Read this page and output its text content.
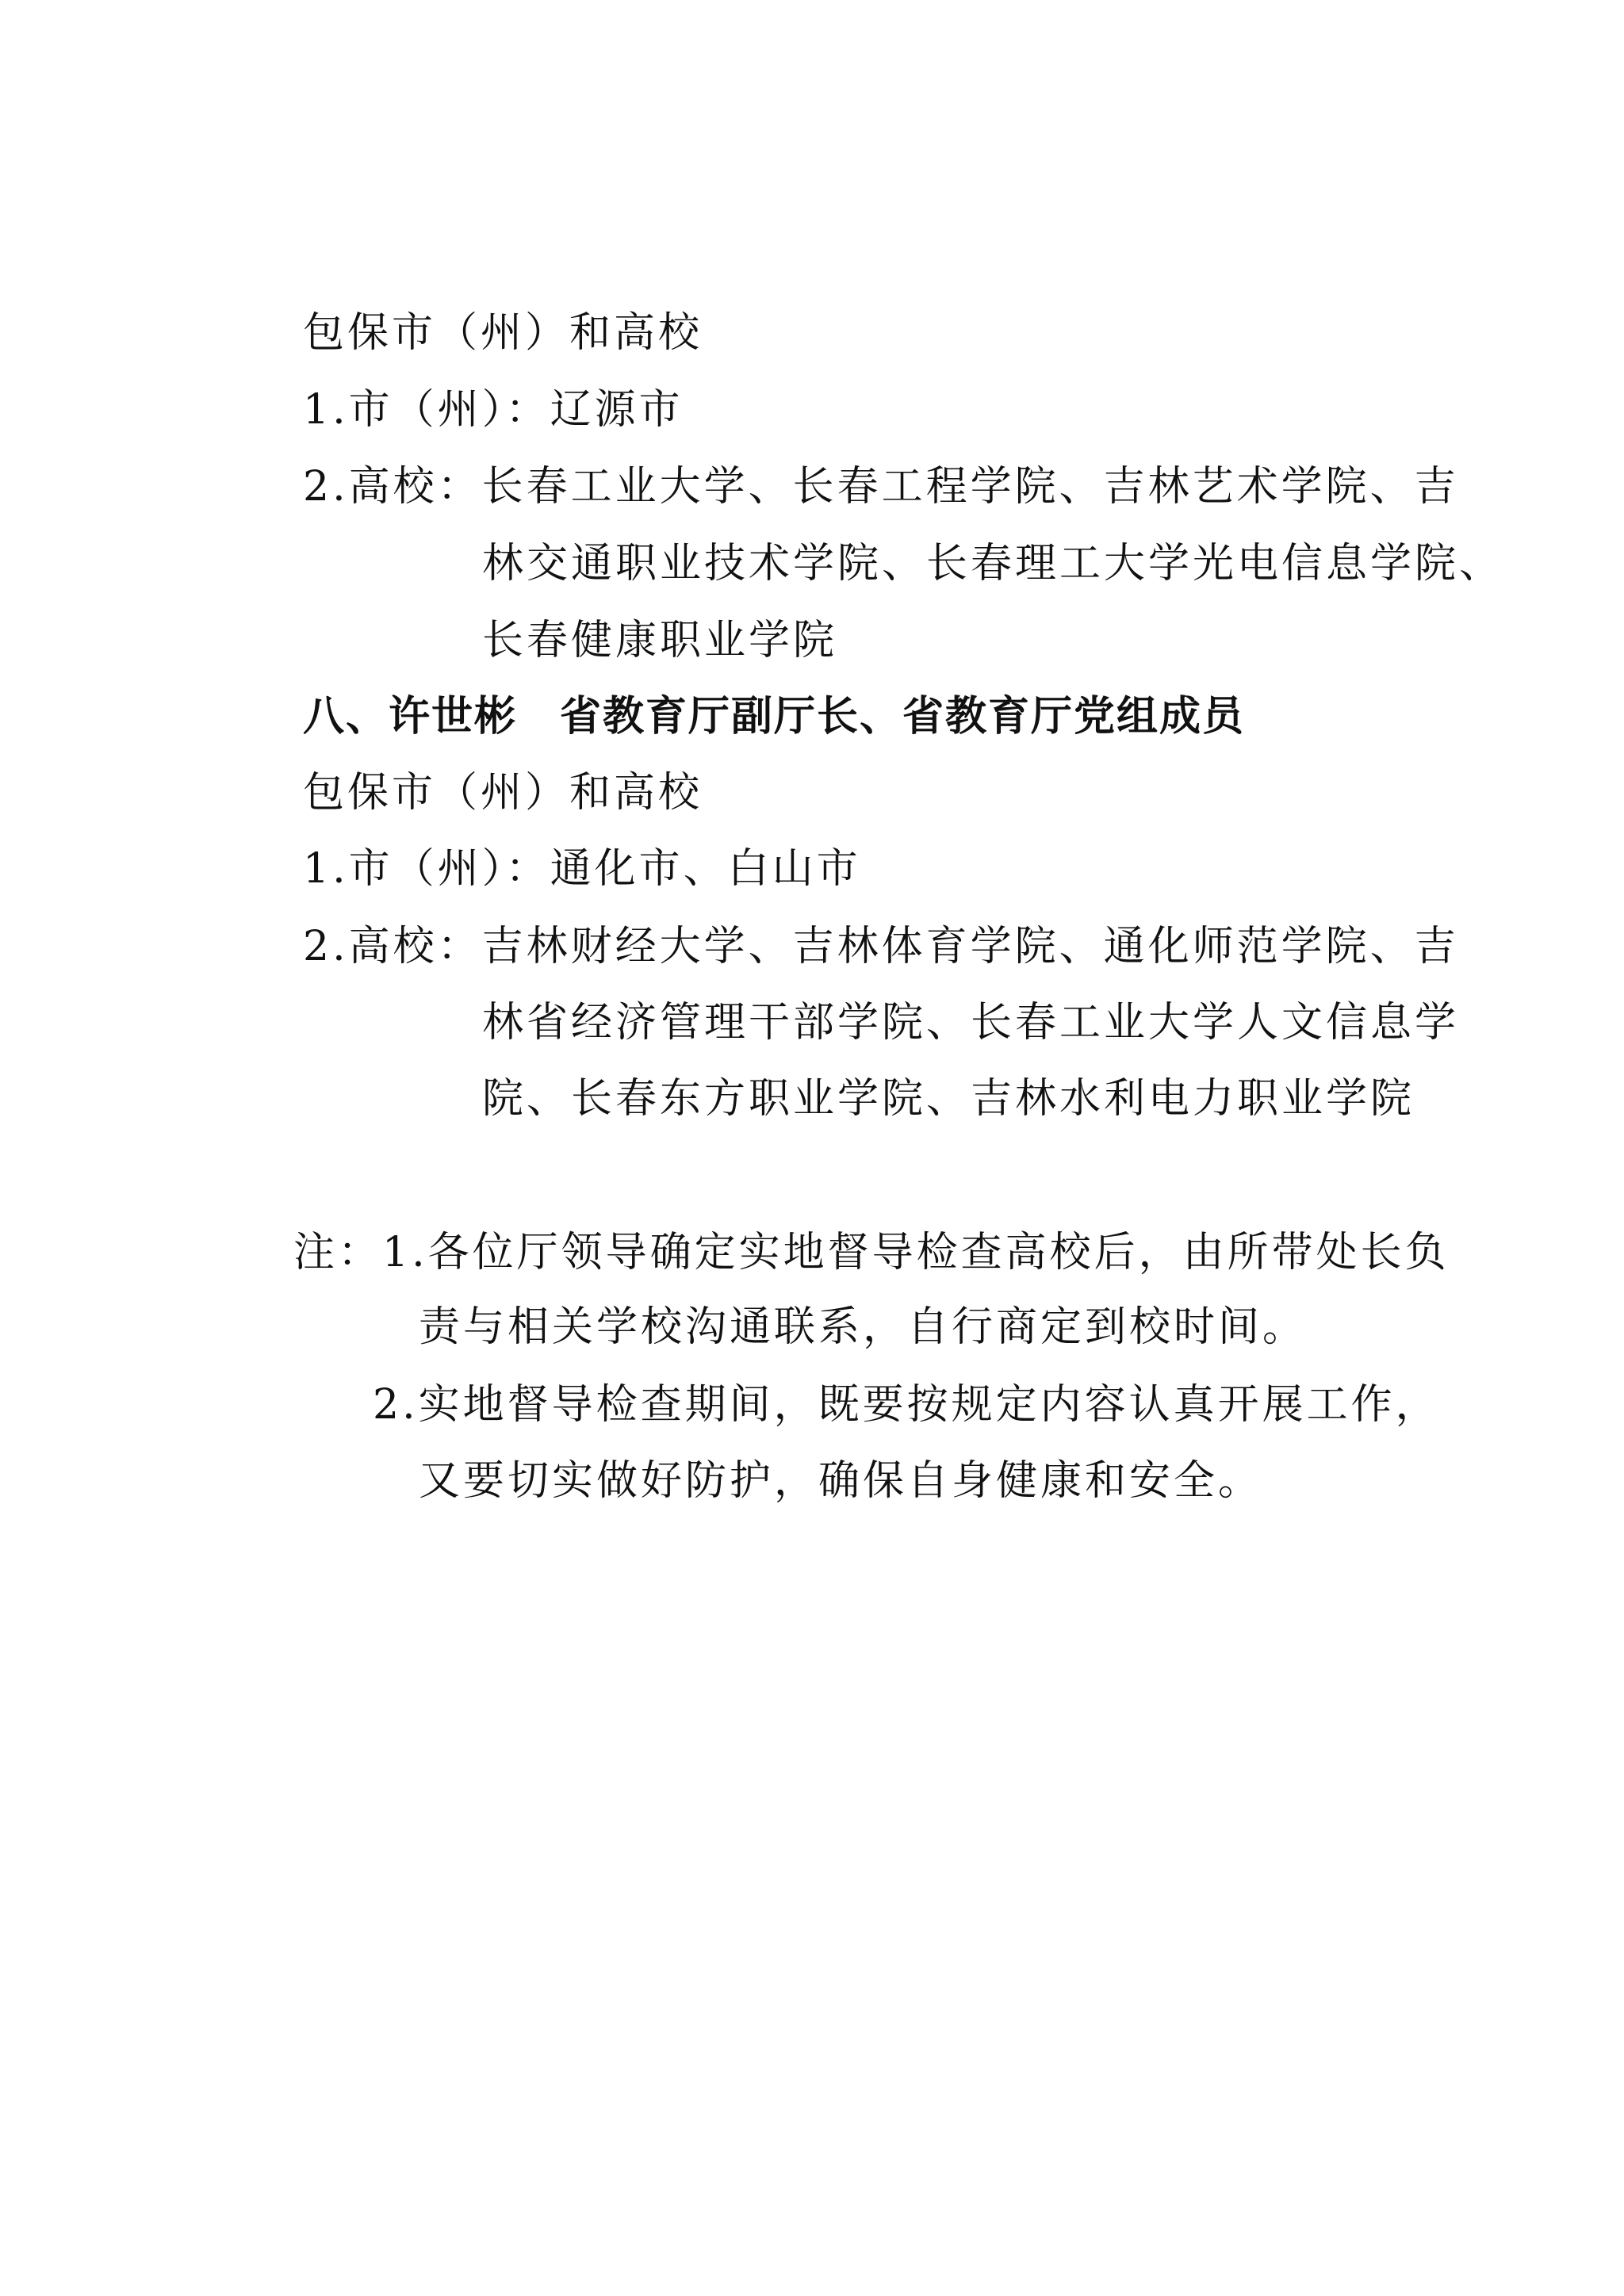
包保市（州）和高校
1.市（州）：辽源市
2.高校：长春工业大学、长春工程学院、吉林艺术学院、吉
林交通职业技术学院、长春理工大学光电信息学院、
长春健康职业学院
八、许世彬　省教育厅副厅长、省教育厅党组成员
包保市（州）和高校
1.市（州）：通化市、白山市
2.高校：吉林财经大学、吉林体育学院、通化师范学院、吉
林省经济管理干部学院、长春工业大学人文信息学
院、长春东方职业学院、吉林水利电力职业学院
注：1.各位厅领导确定实地督导检查高校后，由所带处长负
责与相关学校沟通联系，自行商定到校时间。
2.实地督导检查期间，既要按规定内容认真开展工作，
又要切实做好防护，确保自身健康和安全。
